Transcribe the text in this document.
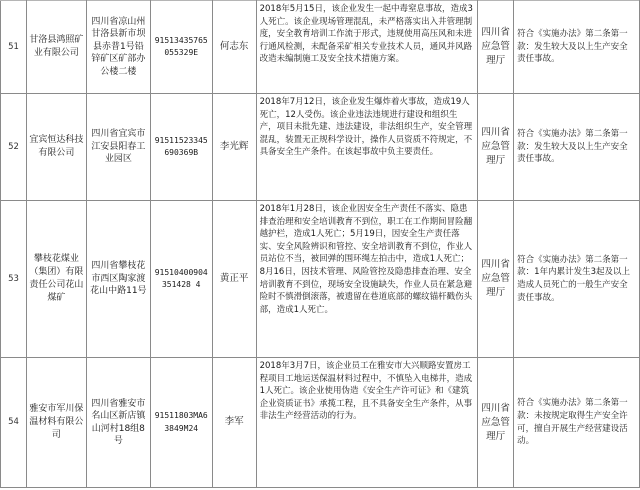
51	甘洛县鸿照矿业有限公司	四川省凉山州甘洛县新市坝县赤普1号铅锌矿区矿部办公楼二楼	91513435765055329E	何志东	2018年5月15日，该企业发生一起中毒窒息事故，造成3人死亡。该企业现场管理混乱，未严格落实出入井管理制度，安全教育培训工作流于形式，违规使用高压风和未进行通风检测，未配备采矿相关专业技术人员，通风并风路改造未编制施工及安全技术措施方案。	四川省应急管理厅	符合《实施办法》第二条第一款：发生较大及以上生产安全责任事故。
52	宜宾恒达科技有限公司	四川省宜宾市江安县阳春工业园区	91511523345690369B	李光辉	2018年7月12日，该企业发生爆炸着火事故，造成19人死亡，12人受伤。该企业违法违规进行建设和组织生产，项目未批先建、违法建设，非法组织生产，安全管理混乱，装置无正规科学设计，操作人员资质不符规定，不具备安全生产条件。在该起事故中负主要责任。	四川省应急管理厅	符合《实施办法》第二条第一款：发生较大及以上生产安全责任事故。
53	攀枝花煤业（集团）有限责任公司花山煤矿	四川省攀枝花市西区陶家渡花山中路11号	91510400904351428 4	黄正平	2018年1月28日，该企业因安全生产责任不落实、隐患排查治理和安全培训教育不到位，职工在工作期间冒险翻越护栏，造成1人死亡；5月19日，因安全生产责任落实、安全风险辨识和管控、安全培训教育不到位，作业人员站位不当，被回弹的围环绳左拍击中，造成1人死亡；8月16日，因技术管理、风险管控及隐患排查治理、安全培训教育不到位，现场安全设施缺失，作业人员在紧急避险时不慎滑倒滚落，被遗留在巷道底部的螺纹锚杆戳伤头部，造成1人死亡。	四川省应急管理厅	符合《实施办法》第二条第一款：1年内累计发生3起及以上造成人员死亡的一般生产安全责任事故。
54	雅安市军川保温材料有限公司	四川省雅安市名山区新店镇山河村18组8号	91511803MA63849M24	李军	2018年3月7日，该企业员工在雅安市大兴顺路安置房工程项目工地运送保温材料过程中，不慎坠入电梯井，造成1人死亡。该企业使用伪造《安全生产许可证》和《建筑企业资质证书》承揽工程，且不具备安全生产条件，从事非法生产经营活动的行为。	四川省应急管理厅	符合《实施办法》第二条第一款：未按规定取得生产安全许可，擅自开展生产经营建设活动。
